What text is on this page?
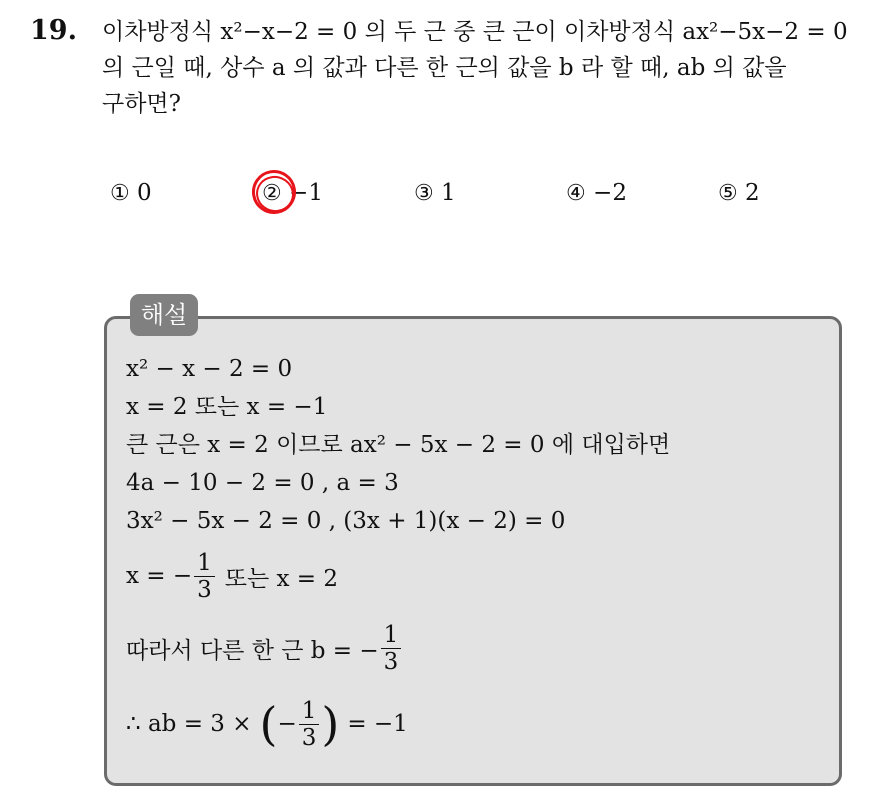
19. 이차방정식 x²−x−2 = 0 의 두 근 중 큰 근이 이차방정식 ax²−5x−2 = 0
의 근일 때, 상수 a 의 값과 다른 한 근의 값을 b 라 할 때, ab 의 값을
구하면?
① 0	② −1	③ 1	④ −2	⑤ 2
해설
x² − x − 2 = 0
x = 2 또는 x = −1
큰 근은 x = 2 이므로 ax² − 5x − 2 = 0 에 대입하면
4a − 10 − 2 = 0 , a = 3
3x² − 5x − 2 = 0 , (3x + 1)(x − 2) = 0
x = − $\frac{1}{3}$ 또는 x = 2
따라서 다른 한 근 b = − $\frac{1}{3}$
∴ ab = 3 × ( − $\frac{1}{3}$ ) = −1
